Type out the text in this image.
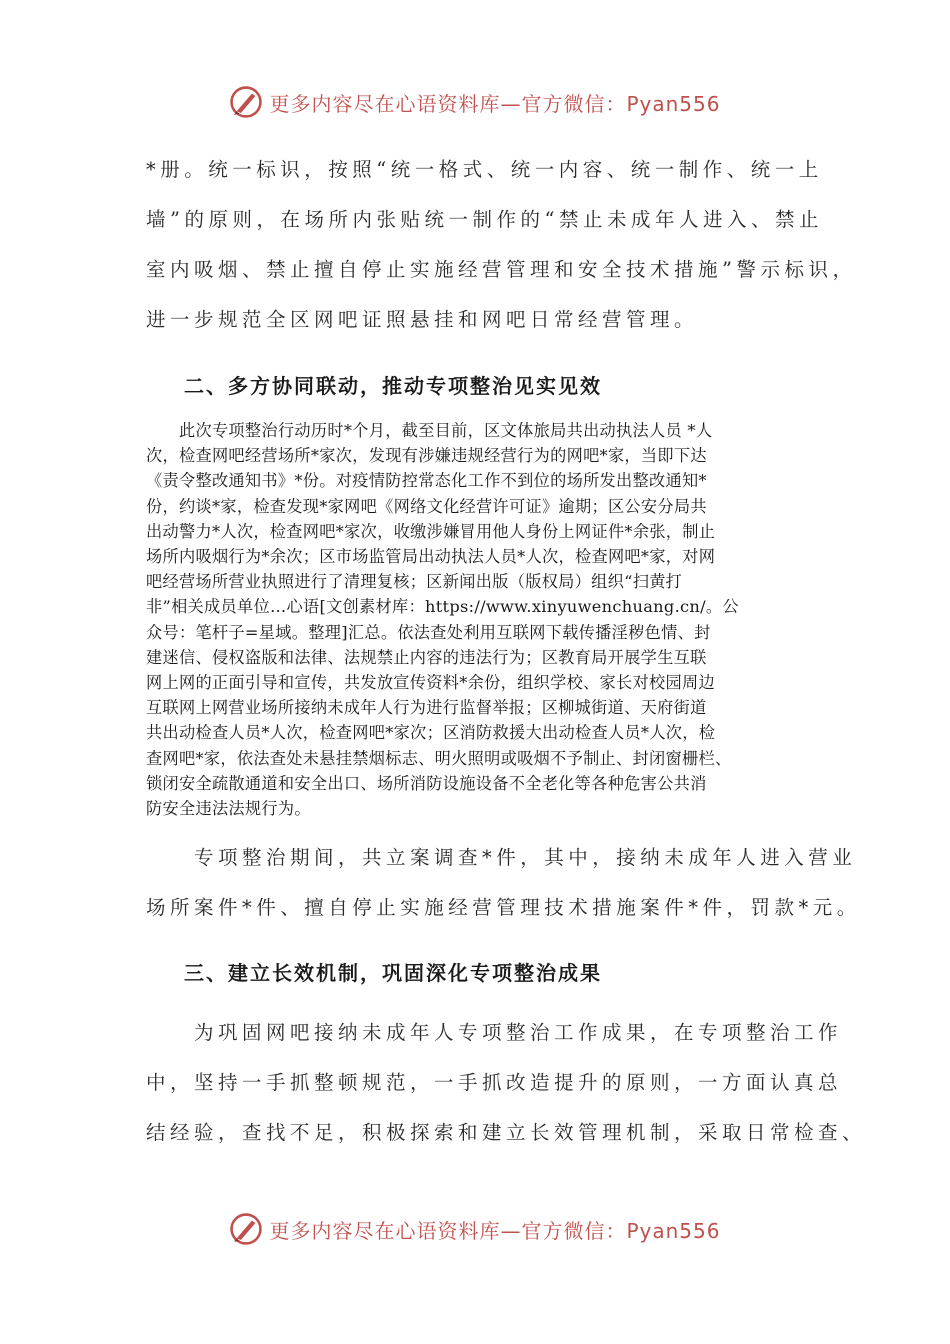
更多内容尽在心语资料库—官方微信：Pyan556
*册。统一标识，按照“统一格式、统一内容、统一制作、统一上
墙”的原则，在场所内张贴统一制作的“禁止未成年人进入、禁止
室内吸烟、禁止擅自停止实施经营管理和安全技术措施”警示标识，
进一步规范全区网吧证照悬挂和网吧日常经营管理。
二、多方协同联动，推动专项整治见实见效
　　此次专项整治行动历时*个月，截至目前，区文体旅局共出动执法人员 *人
次，检查网吧经营场所*家次，发现有涉嫌违规经营行为的网吧*家，当即下达
《责令整改通知书》*份。对疫情防控常态化工作不到位的场所发出整改通知*
份，约谈*家，检查发现*家网吧《网络文化经营许可证》逾期；区公安分局共
出动警力*人次，检查网吧*家次，收缴涉嫌冒用他人身份上网证件*余张，制止
场所内吸烟行为*余次；区市场监管局出动执法人员*人次，检查网吧*家，对网
吧经营场所营业执照进行了清理复核；区新闻出版（版权局）组织“扫黄打
非”相关成员单位…心语[文创素材库：https://www.xinyuwenchuang.cn/。公
众号：笔杆子=星域。整理]汇总。依法查处利用互联网下载传播淫秽色情、封
建迷信、侵权盗版和法律、法规禁止内容的违法行为；区教育局开展学生互联
网上网的正面引导和宣传，共发放宣传资料*余份，组织学校、家长对校园周边
互联网上网营业场所接纳未成年人行为进行监督举报；区柳城街道、天府街道
共出动检查人员*人次，检查网吧*家次；区消防救援大出动检查人员*人次，检
查网吧*家，依法查处未悬挂禁烟标志、明火照明或吸烟不予制止、封闭窗栅栏、
锁闭安全疏散通道和安全出口、场所消防设施设备不全老化等各种危害公共消
防安全违法法规行为。
　　专项整治期间，共立案调查*件，其中，接纳未成年人进入营业
场所案件*件、擅自停止实施经营管理技术措施案件*件，罚款*元。
三、建立长效机制，巩固深化专项整治成果
　　为巩固网吧接纳未成年人专项整治工作成果，在专项整治工作
中，坚持一手抓整顿规范，一手抓改造提升的原则，一方面认真总
结经验，查找不足，积极探索和建立长效管理机制，采取日常检查、
更多内容尽在心语资料库—官方微信：Pyan556
